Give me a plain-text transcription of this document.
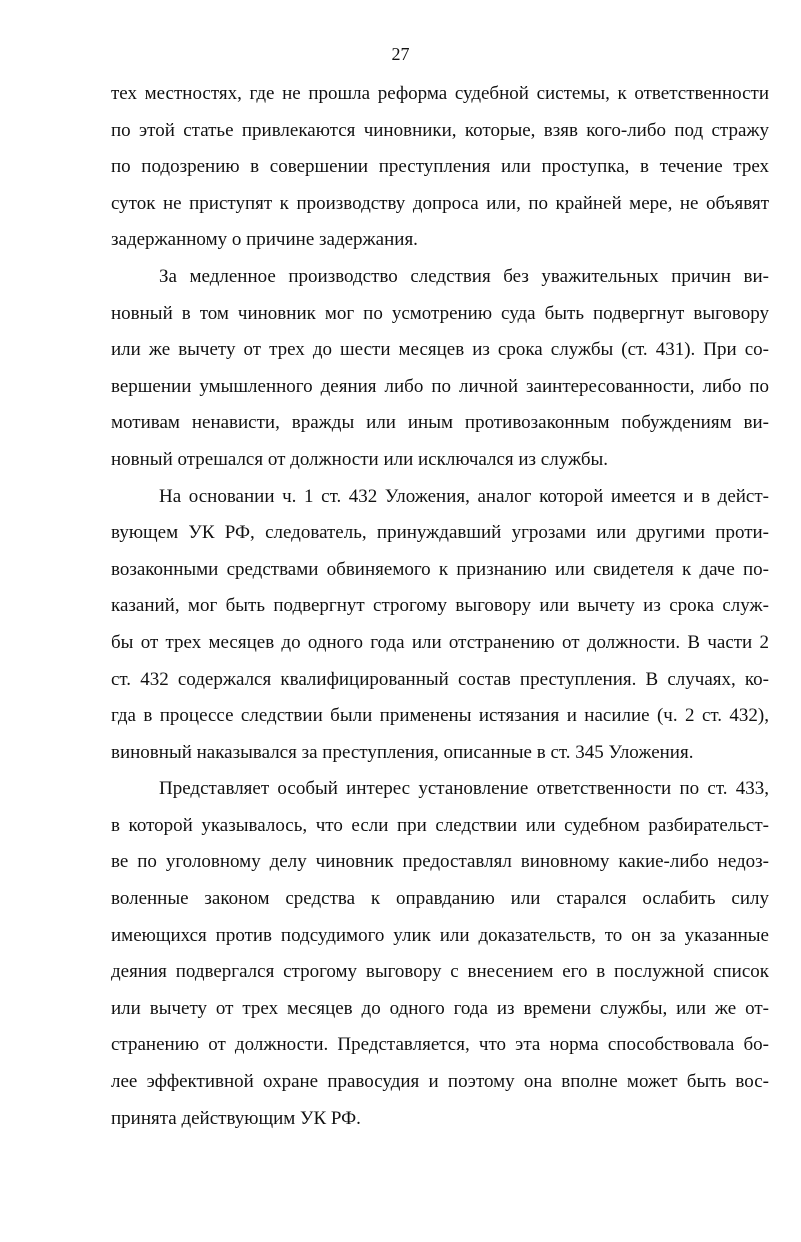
27
тех местностях, где не прошла реформа судебной системы, к ответственности
по этой статье привлекаются чиновники, которые, взяв кого-либо под стражу
по подозрению в совершении преступления или проступка, в течение трех
суток не приступят к производству допроса или, по крайней мере, не объявят
задержанному о причине задержания.
За медленное производство следствия без уважительных причин ви-
новный в том чиновник мог по усмотрению суда быть подвергнут выговору
или же вычету от трех до шести месяцев из срока службы (ст. 431). При со-
вершении умышленного деяния либо по личной заинтересованности, либо по
мотивам ненависти, вражды или иным противозаконным побуждениям ви-
новный отрешался от должности или исключался из службы.
На основании ч. 1 ст. 432 Уложения, аналог которой имеется и в дейст-
вующем УК РФ, следователь, принуждавший угрозами или другими проти-
возаконными средствами обвиняемого к признанию или свидетеля к даче по-
казаний, мог быть подвергнут строгому выговору или вычету из срока служ-
бы от трех месяцев до одного года или отстранению от должности. В части 2
ст. 432 содержался квалифицированный состав преступления. В случаях, ко-
гда в процессе следствии были применены истязания и насилие (ч. 2 ст. 432),
виновный наказывался за преступления, описанные в ст. 345 Уложения.
Представляет особый интерес установление ответственности по ст. 433,
в которой указывалось, что если при следствии или судебном разбирательст-
ве по уголовному делу чиновник предоставлял виновному какие-либо недоз-
воленные законом средства к оправданию или старался ослабить силу
имеющихся против подсудимого улик или доказательств, то он за указанные
деяния подвергался строгому выговору с внесением его в послужной список
или вычету от трех месяцев до одного года из времени службы, или же от-
странению от должности. Представляется, что эта норма способствовала бо-
лее эффективной охране правосудия и поэтому она вполне может быть вос-
принята действующим УК РФ.
